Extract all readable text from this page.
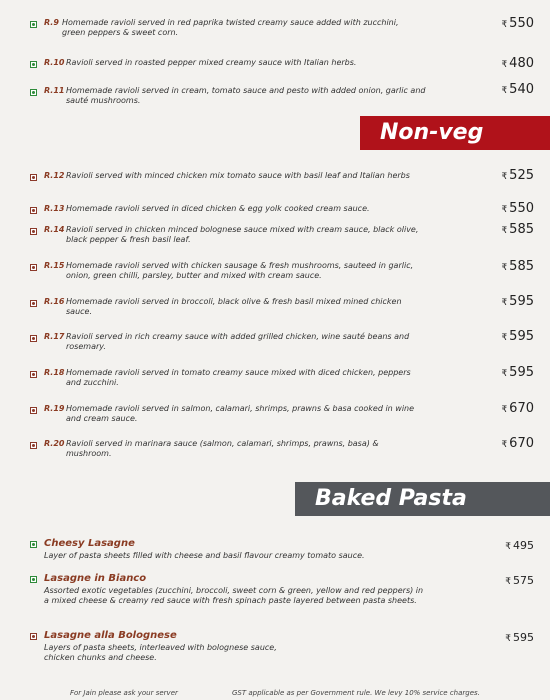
R.9 Homemade ravioli served in red paprika twisted creamy sauce added with zucchini, green peppers & sweet corn.
₹ 550
R.10 Ravioli served in roasted pepper mixed creamy sauce with Italian herbs.	₹ 480
R.11 Homemade ravioli served in cream, tomato sauce and pesto with added onion, garlic and sauté mushrooms.
₹ 540
Non-veg
R.12 Ravioli served with minced chicken mix tomato sauce with basil leaf and Italian herbs	₹ 525
R.13 Homemade ravioli served in diced chicken & egg yolk cooked cream sauce.	₹ 550
R.14 Ravioli served in chicken minced bolognese sauce mixed with cream sauce, black olive, black pepper & fresh basil leaf.
₹ 585
R.15 Homemade ravioli served with chicken sausage & fresh mushrooms, sauteed in garlic, onion, green chilli, parsley, butter and mixed with cream sauce.
₹ 585
R.16 Homemade ravioli served in broccoli, black olive & fresh basil mixed mined chicken sauce.
₹ 595
R.17 Ravioli served in rich creamy sauce with added grilled chicken, wine sauté beans and rosemary.
₹ 595
R.18 Homemade ravioli served in tomato creamy sauce mixed with diced chicken, peppers and zucchini.
₹ 595
R.19 Homemade ravioli served in salmon, calamari, shrimps, prawns & basa cooked in wine and cream sauce.
₹ 670
R.20 Ravioli served in marinara sauce (salmon, calamari, shrimps, prawns, basa) & mushroom.
₹ 670
Baked Pasta
Cheesy Lasagne
Layer of pasta sheets filled with cheese and basil flavour creamy tomato sauce.
₹ 495
Lasagne in Bianco
Assorted exotic vegetables (zucchini, broccoli, sweet corn & green, yellow and red peppers) in a mixed cheese & creamy red sauce with fresh spinach paste layered between pasta sheets.
₹ 575
Lasagne alla Bolognese
Layers of pasta sheets, interleaved with bolognese sauce, chicken chunks and cheese.
₹ 595
For Jain please ask your server	GST applicable as per Government rule. We levy 10% service charges.
